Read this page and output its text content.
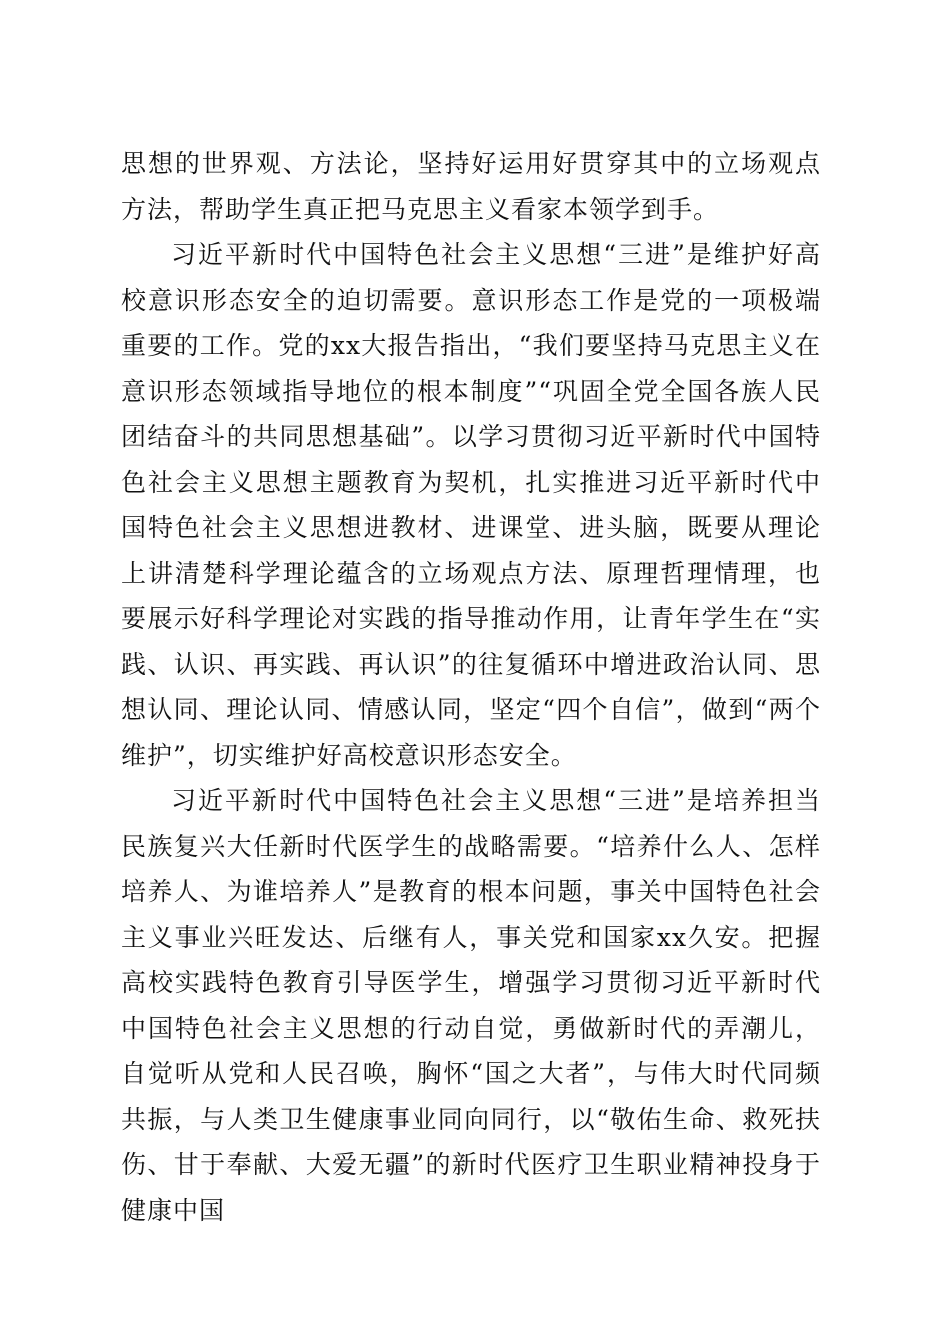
思想的世界观、方法论，坚持好运用好贯穿其中的立场观点方法，帮助学生真正把马克思主义看家本领学到手。

习近平新时代中国特色社会主义思想“三进”是维护好高校意识形态安全的迫切需要。意识形态工作是党的一项极端重要的工作。党的xx大报告指出，“我们要坚持马克思主义在意识形态领域指导地位的根本制度”“巩固全党全国各族人民团结奋斗的共同思想基础”。以学习贯彻习近平新时代中国特色社会主义思想主题教育为契机，扎实推进习近平新时代中国特色社会主义思想进教材、进课堂、进头脑，既要从理论上讲清楚科学理论蕴含的立场观点方法、原理哲理情理，也要展示好科学理论对实践的指导推动作用，让青年学生在“实践、认识、再实践、再认识”的往复循环中增进政治认同、思想认同、理论认同、情感认同，坚定“四个自信”，做到“两个维护”，切实维护好高校意识形态安全。

习近平新时代中国特色社会主义思想“三进”是培养担当民族复兴大任新时代医学生的战略需要。“培养什么人、怎样培养人、为谁培养人”是教育的根本问题，事关中国特色社会主义事业兴旺发达、后继有人，事关党和国家xx久安。把握高校实践特色教育引导医学生，增强学习贯彻习近平新时代中国特色社会主义思想的行动自觉，勇做新时代的弄潮儿，自觉听从党和人民召唤，胸怀“国之大者”，与伟大时代同频共振，与人类卫生健康事业同向同行，以“敬佑生命、救死扶伤、甘于奉献、大爱无疆”的新时代医疗卫生职业精神投身于健康中国
